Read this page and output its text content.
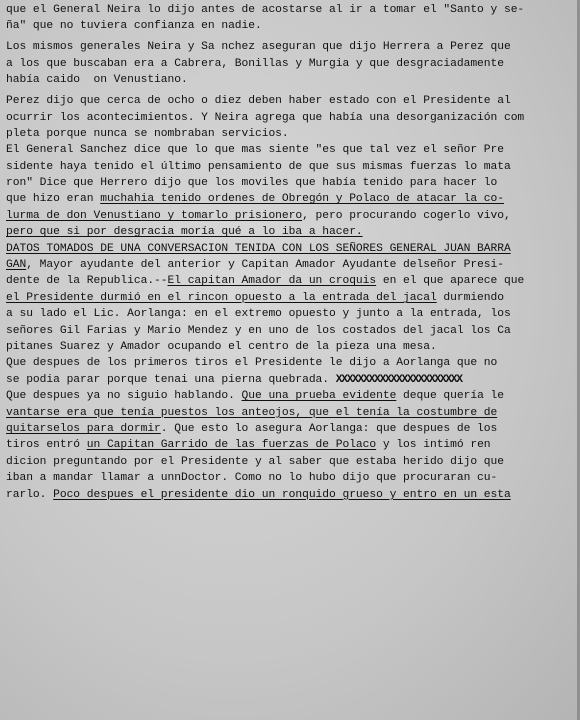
que el General Neira lo dijo antes de acostarse al ir a tomar el "Santo y se-
ña" que no tuviera confianza en nadie.
Los mismos generales Neira y Sa nchez aseguran que dijo Herrera a Perez que
a los que buscaban era a Cabrera, Bonillas y Murgia y que desgraciadamente
había caido  on Venustiano.
Perez dijo que cerca de ocho o diez deben haber estado con el Presidente al
ocurrir los acontecimientos. Y Neira agrega que había una desorganización com
pleta porque nunca se nombraban servicios.
El General Sanchez dice que lo que mas siente "es que tal vez el señor Pre
sidente haya tenido el último pensamiento de que sus mismas fuerzas lo mata
ron" Dice que Herrero dijo que los moviles que había tenido para hacer lo
que hizo eran muchahia tenido ordenes de Obregón y Polaco de atacar la co-
lurma de don Venustiano y tomarlo prisionero, pero procurando cogerlo vivo,
pero que si por desgracia moría qué a lo iba a hacer.
DATOS TOMADOS DE UNA CONVERSACION TENIDA CON LOS SEÑORES GENERAL JUAN BARRA
GAN, Mayor ayudante del anterior y Capitan Amador Ayudante delseñor Presi-
dente de la Republica.--El capitan Amador da un croquis en el que aparece que
el Presidente durmió en el rincon opuesto a la entrada del jacal durmiendo
a su lado el Lic. Aorlanga: en el extremo opuesto y junto a la entrada, los
señores Gil Farias y Mario Mendez y en uno de los costados del jacal los Ca
pitanes Suarez y Amador ocupando el centro de la pieza una mesa.
Que despues de los primeros tiros el Presidente le dijo a Aorlanga que no
se podia parar porque tenai una pierna quebrada. XXXXXXXXXXXXXXXXXXXXXXX
Que despues ya no siguio hablando. Que una prueba evidente deque quería le
vantarse era que tenía puestos los anteojos, que el tenía la costumbre de
quitarselos para dormir. Que esto lo asegura Aorlanga: que despues de los
tiros entró un Capitan Garrido de las fuerzas de Polaco y los intimó ren
dicion preguntando por el Presidente y al saber que estaba herido dijo que
iban a mandar llamar a unnDoctor. Como no lo hubo dijo que procuraran cu-
rarlo. Poco despues el presidente dio un ronquido grueso y entro en un esta
